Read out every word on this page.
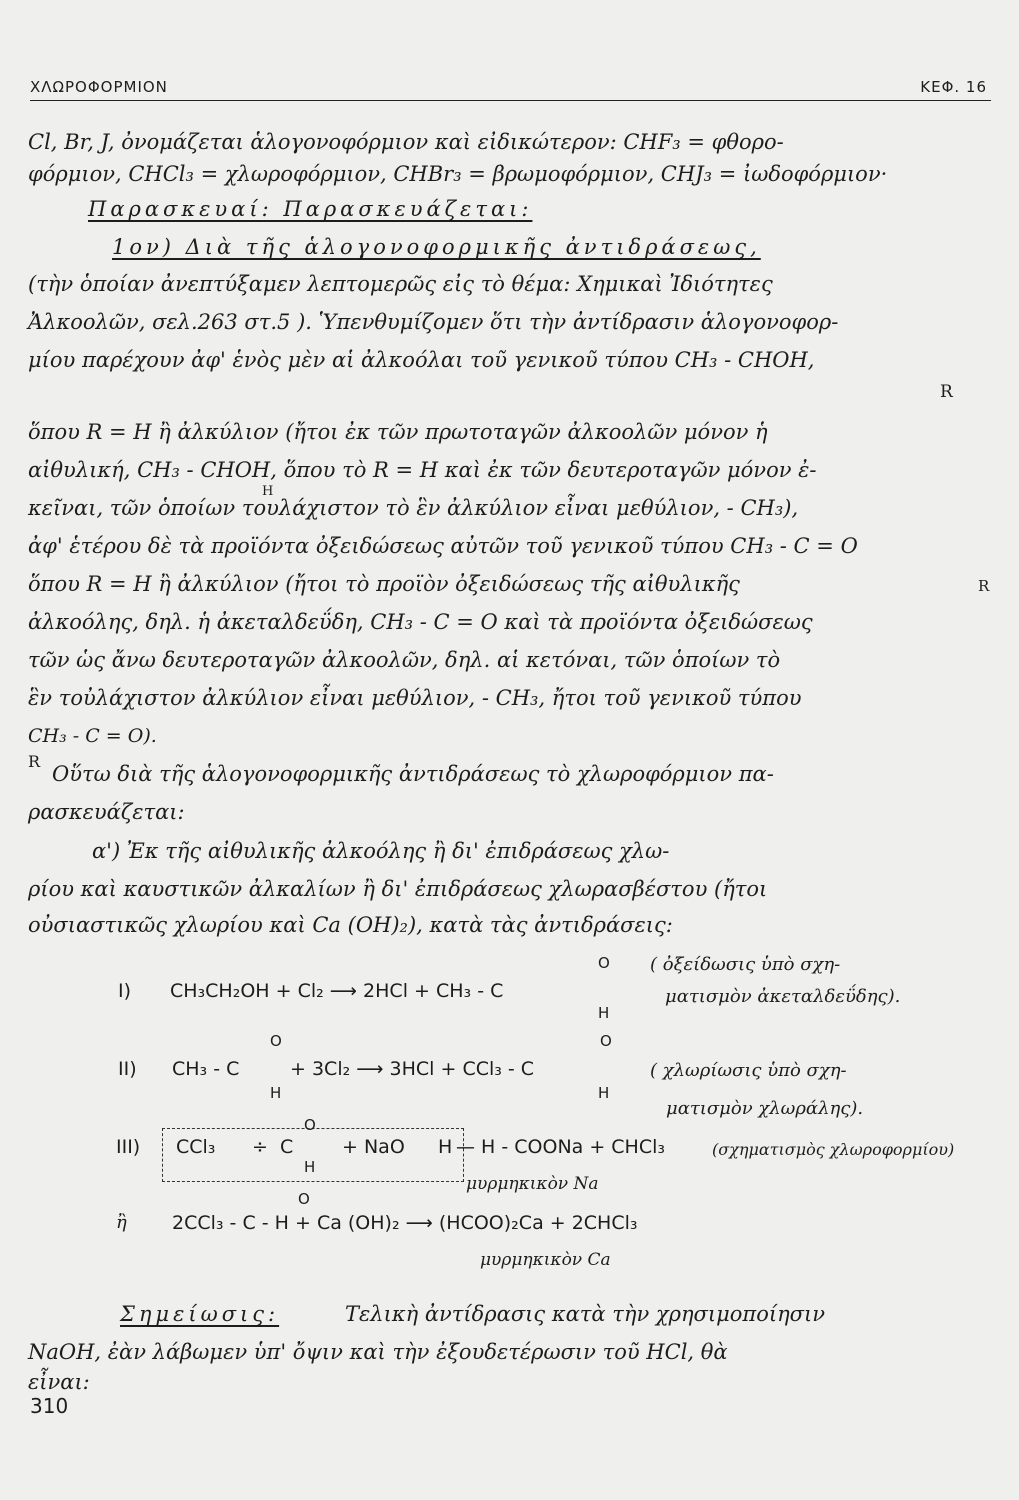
ΧΛΩΡΟΦΟΡΜΙΟΝ	ΚΕΦ. 16
Cl, Br, J, ὀνομάζεται ἁλογονοφόρμιον καὶ εἰδικώτερον: CHF₃ = φθορο-
φόρμιον, CHCl₃ = χλωροφόρμιον, CHBr₃ = βρωμοφόρμιον, CHJ₃ = ἰωδοφόρμιον·
Παρασκευαί: Παρασκευάζεται:
1ον) Διὰ τῆς ἁλογονοφορμικῆς ἀντιδράσεως,
(τὴν ὁποίαν ἀνεπτύξαμεν λεπτομερῶς εἰς τὸ θέμα: Χημικαὶ Ἰδιότητες
Ἀλκοολῶν, σελ.263 στ.5 ). Ὑπενθυμίζομεν ὅτι τὴν ἀντίδρασιν ἁλογονοφορ-
μίου παρέχουν ἀφ' ἑνὸς μὲν αἱ ἀλκοόλαι τοῦ γενικοῦ τύπου CH₃ - CHOH,
R
ὅπου R = H ἢ ἀλκύλιον (ἤτοι ἐκ τῶν πρωτοταγῶν ἀλκοολῶν μόνον ἡ
αἰθυλική, CH₃ - CHOH, ὅπου τὸ R = H καὶ ἐκ τῶν δευτεροταγῶν μόνον ἐ-
H
κεῖναι, τῶν ὁποίων τουλάχιστον τὸ ἓν ἀλκύλιον εἶναι μεθύλιον, - CH₃),
ἀφ' ἑτέρου δὲ τὰ προϊόντα ὀξειδώσεως αὐτῶν τοῦ γενικοῦ τύπου CH₃ - C = O
ὅπου R = H ἢ ἀλκύλιον (ἤτοι τὸ προϊὸν ὀξειδώσεως τῆς αἰθυλικῆς	R
ἀλκοόλης, δηλ. ἡ ἀκεταλδεΰδη, CH₃ - C = O καὶ τὰ προϊόντα ὀξειδώσεως
τῶν ὡς ἄνω δευτεροταγῶν ἀλκοολῶν, δηλ. αἱ κετόναι, τῶν ὁποίων τὸ
ἓν τοὐλάχιστον ἀλκύλιον εἶναι μεθύλιον, - CH₃, ἤτοι τοῦ γενικοῦ τύπου
CH₃ - C = O).
R
Οὕτω διὰ τῆς ἁλογονοφορμικῆς ἀντιδράσεως τὸ χλωροφόρμιον πα-
ρασκευάζεται:
α') Ἐκ τῆς αἰθυλικῆς ἀλκοόλης ἢ δι' ἐπιδράσεως χλω-
ρίου καὶ καυστικῶν ἀλκαλίων ἢ δι' ἐπιδράσεως χλωρασβέστου (ἤτοι
οὐσιαστικῶς χλωρίου καὶ Ca (OH)₂), κατὰ τὰς ἀντιδράσεις:
I) CH₃CH₂OH + Cl₂ ⟶ 2HCl + CH₃ - C
O
H
( ὀξείδωσις ὑπὸ σχη-
ματισμὸν ἀκεταλδεΰδης).
II) CH₃ - C
O
H
+ 3Cl₂ ⟶ 3HCl + CCl₃ - C
O
H
( χλωρίωσις ὑπὸ σχη-
ματισμὸν χλωράλης).
III) CCl₃ ÷ C
O
H
+ NaO H — H - COONa + CHCl₃	(σχηματισμὸς χλωροφορμίου)
μυρμηκικὸν Na
ἢ 2CCl₃ - C - H + Ca (OH)₂ ⟶ (HCOO)₂Ca + 2CHCl₃
O
μυρμηκικὸν Ca
Σημείωσις:	Τελικὴ ἀντίδρασις κατὰ τὴν χρησιμοποίησιν
NaOH, ἐὰν λάβωμεν ὑπ' ὄψιν καὶ τὴν ἐξουδετέρωσιν τοῦ HCl, θὰ
εἶναι:
310
